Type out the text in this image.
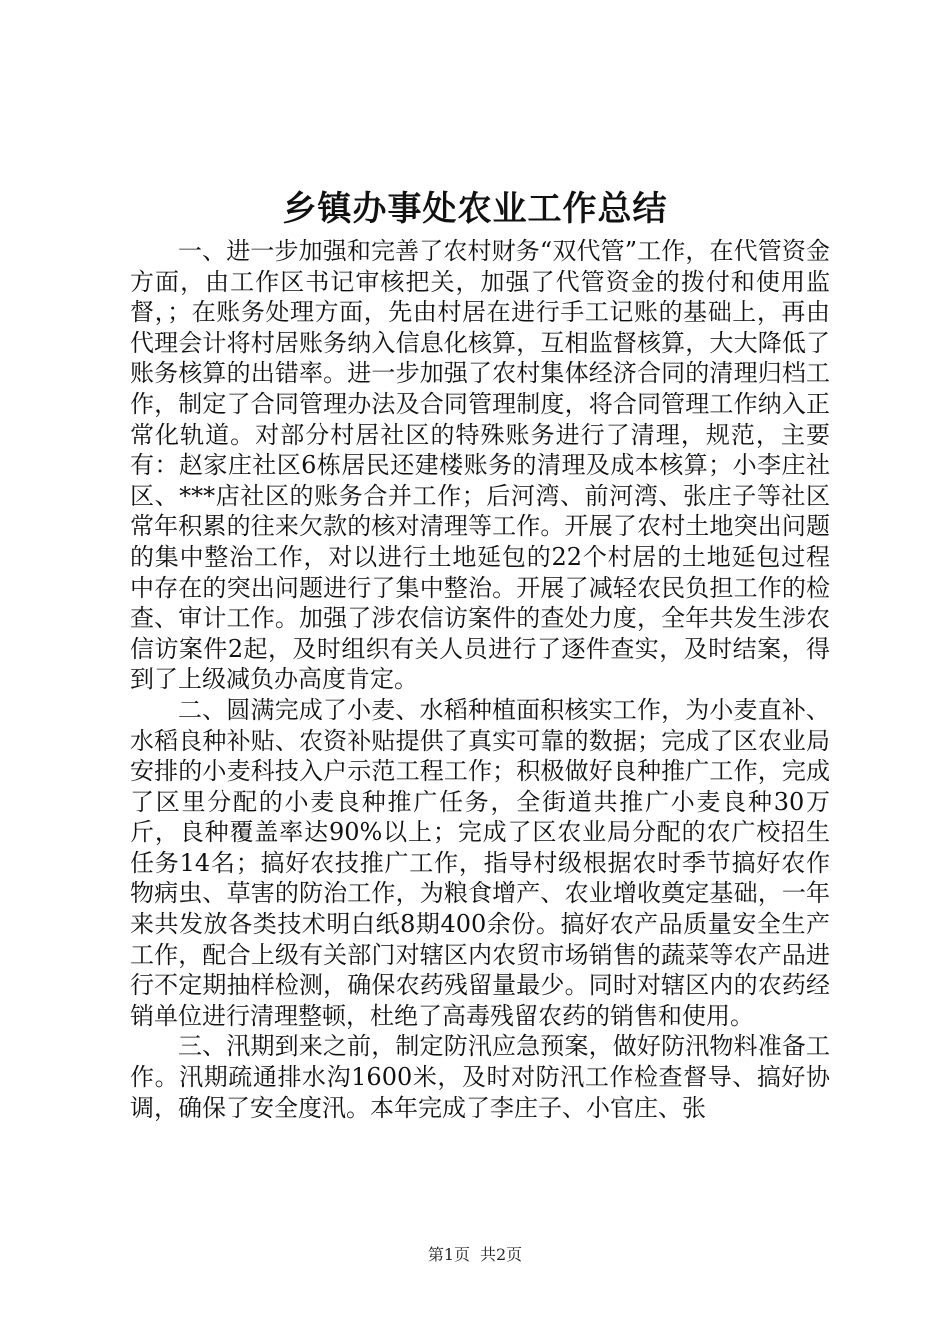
乡镇办事处农业工作总结

一、进一步加强和完善了农村财务“双代管”工作，在代管资金方面，由工作区书记审核把关，加强了代管资金的拨付和使用监督，；在账务处理方面，先由村居在进行手工记账的基础上，再由代理会计将村居账务纳入信息化核算，互相监督核算，大大降低了账务核算的出错率。进一步加强了农村集体经济合同的清理归档工作，制定了合同管理办法及合同管理制度，将合同管理工作纳入正常化轨道。对部分村居社区的特殊账务进行了清理，规范，主要有：赵家庄社区6栋居民还建楼账务的清理及成本核算；小李庄社区、***店社区的账务合并工作；后河湾、前河湾、张庄子等社区常年积累的往来欠款的核对清理等工作。开展了农村土地突出问题的集中整治工作，对以进行土地延包的22个村居的土地延包过程中存在的突出问题进行了集中整治。开展了减轻农民负担工作的检查、审计工作。加强了涉农信访案件的查处力度，全年共发生涉农信访案件2起，及时组织有关人员进行了逐件查实，及时结案，得到了上级减负办高度肯定。

二、圆满完成了小麦、水稻种植面积核实工作，为小麦直补、水稻良种补贴、农资补贴提供了真实可靠的数据；完成了区农业局安排的小麦科技入户示范工程工作；积极做好良种推广工作，完成了区里分配的小麦良种推广任务，全街道共推广小麦良种30万斤，良种覆盖率达90%以上；完成了区农业局分配的农广校招生任务14名；搞好农技推广工作，指导村级根据农时季节搞好农作物病虫、草害的防治工作，为粮食增产、农业增收奠定基础，一年来共发放各类技术明白纸8期400余份。搞好农产品质量安全生产工作，配合上级有关部门对辖区内农贸市场销售的蔬菜等农产品进行不定期抽样检测，确保农药残留量最少。同时对辖区内的农药经销单位进行清理整顿，杜绝了高毒残留农药的销售和使用。

三、汛期到来之前，制定防汛应急预案，做好防汛物料准备工作。汛期疏通排水沟1600米，及时对防汛工作检查督导、搞好协调，确保了安全度汛。本年完成了李庄子、小官庄、张

第1页 共2页
